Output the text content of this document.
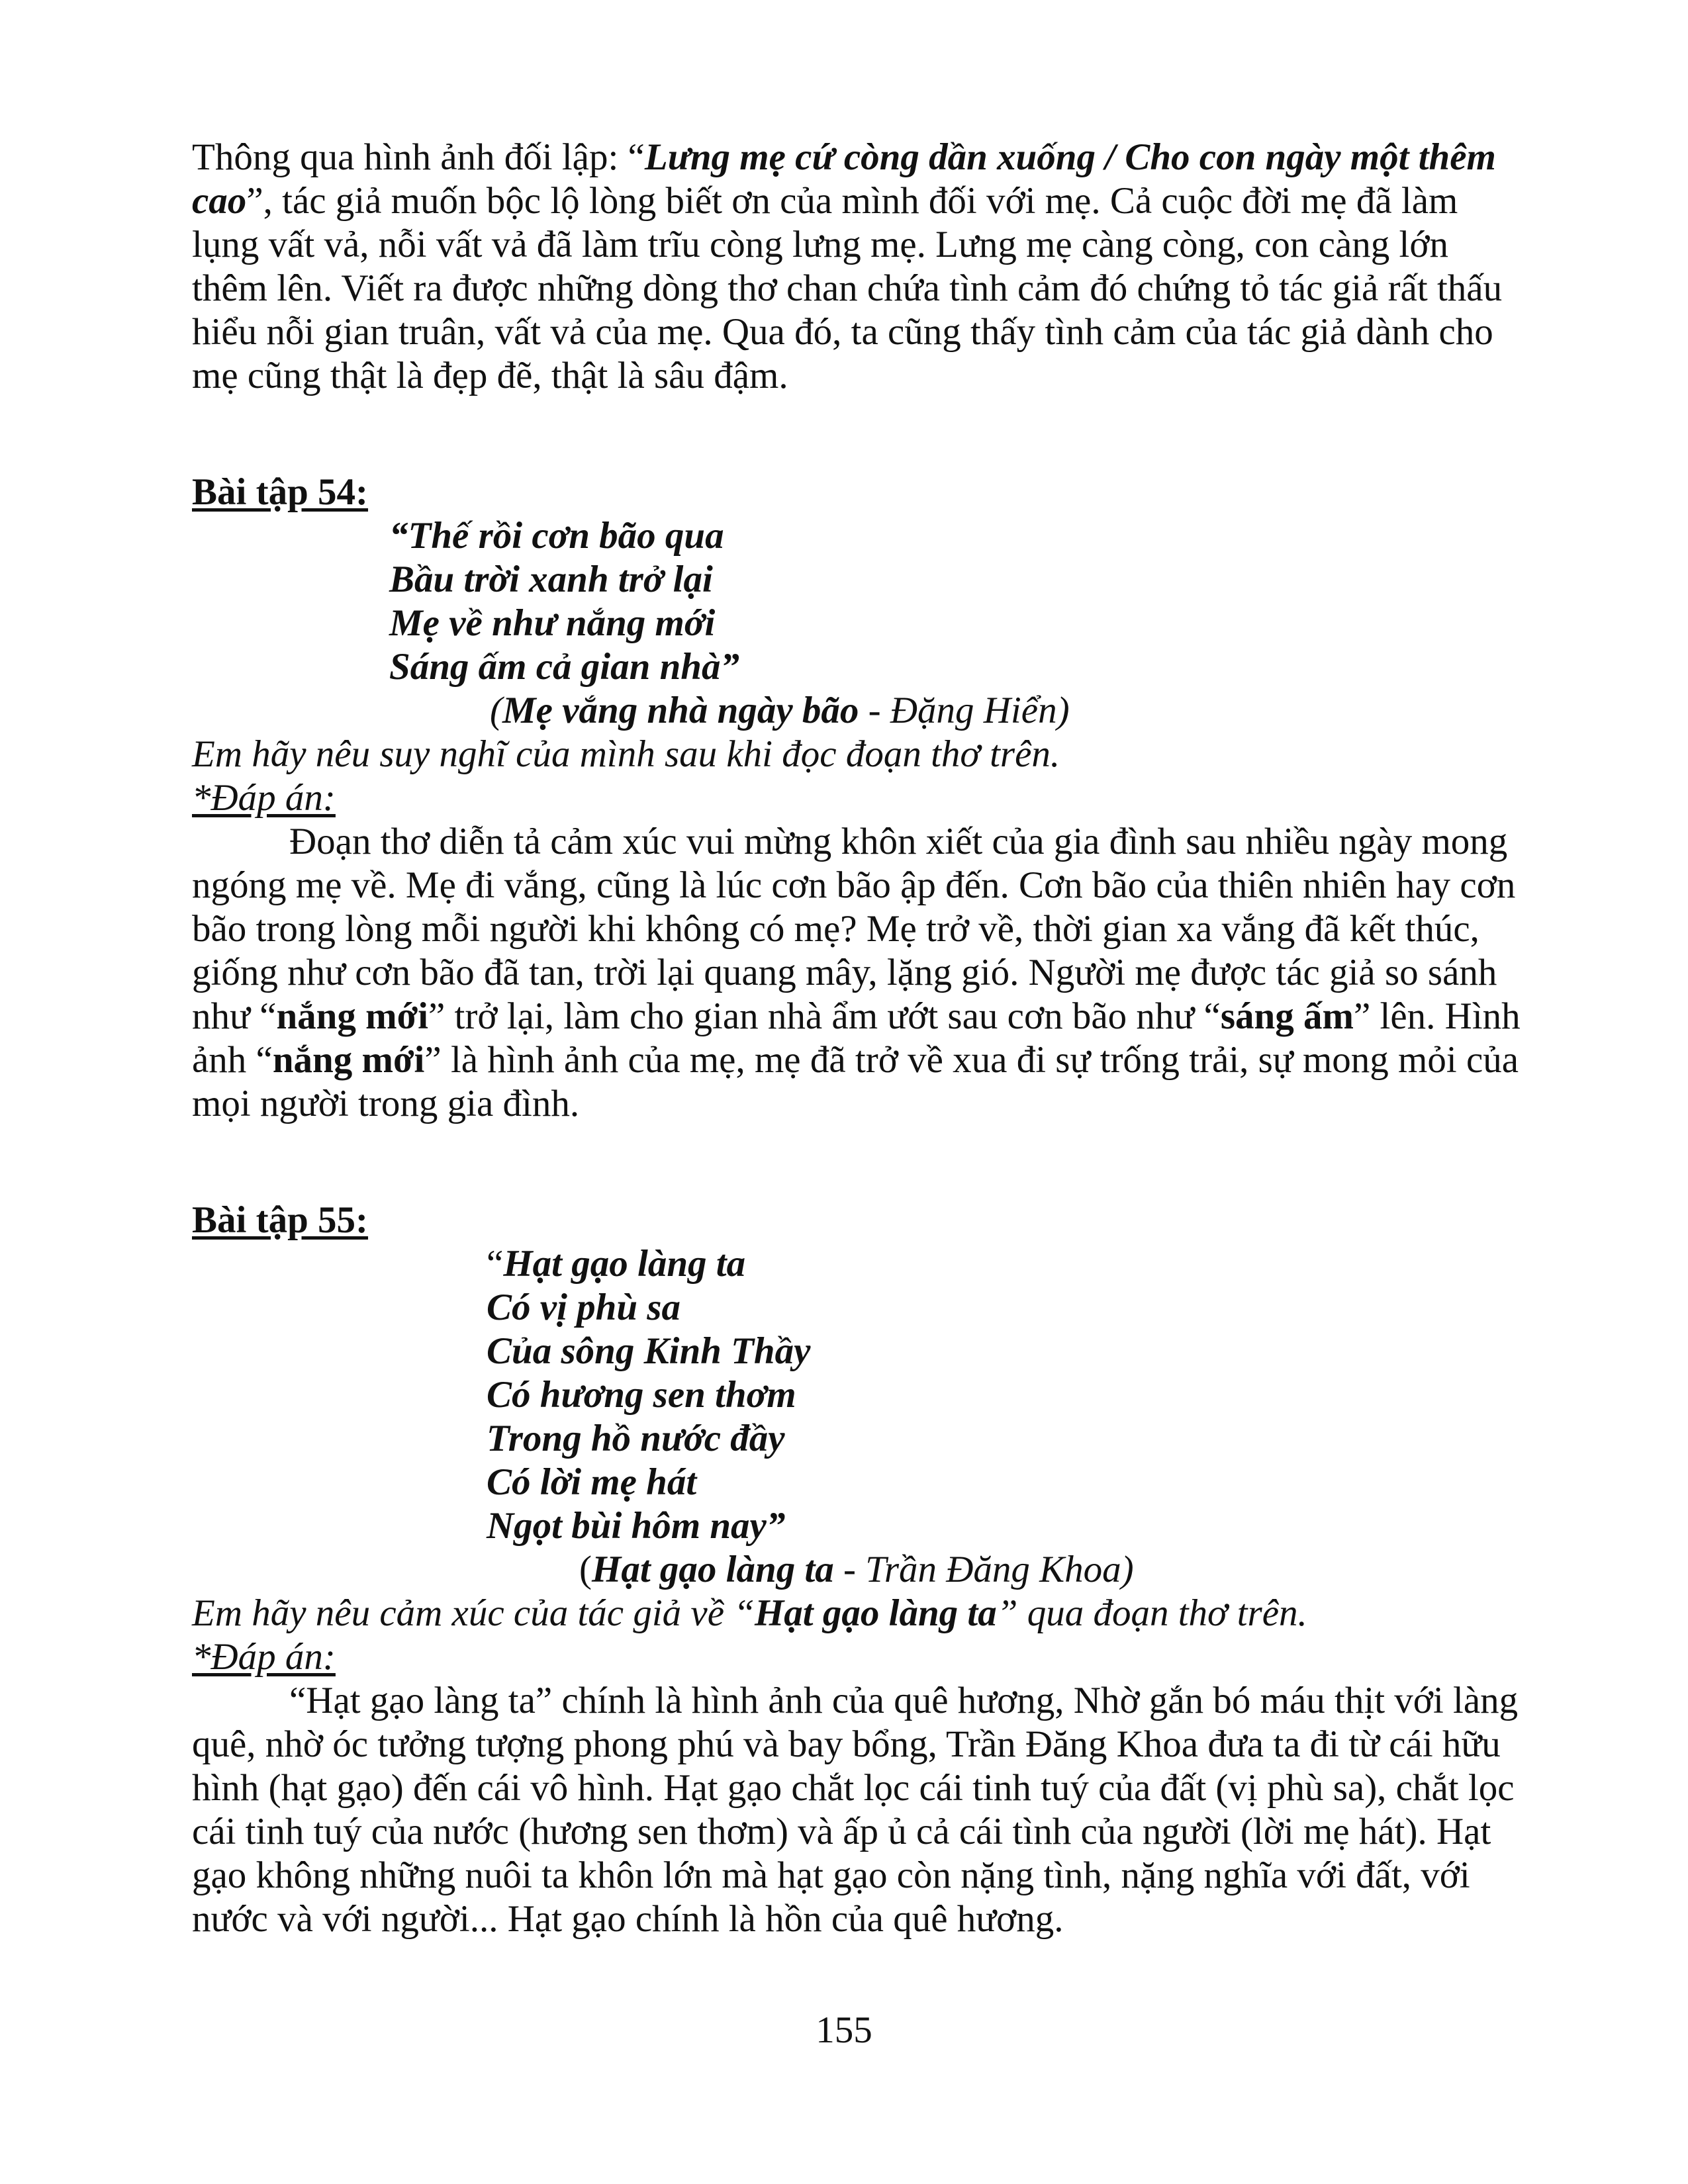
Thông qua hình ảnh đối lập: “Lưng mẹ cứ còng dần xuống / Cho con ngày một thêm cao”, tác giả muốn bộc lộ lòng biết ơn của mình đối với mẹ. Cả cuộc đời mẹ đã làm lụng vất vả, nỗi vất vả đã làm trĩu còng lưng mẹ. Lưng mẹ càng còng, con càng lớn thêm lên. Viết ra được những dòng thơ chan chứa tình cảm đó chứng tỏ tác giả rất thấu hiểu nỗi gian truân, vất vả của mẹ. Qua đó, ta cũng thấy tình cảm của tác giả dành cho mẹ cũng thật là đẹp đẽ, thật là sâu đậm.

Bài tập 54:

“Thế rồi cơn bão qua

Bầu trời xanh trở lại

Mẹ về như nắng mới

Sáng ấm cả gian nhà”

(Mẹ vắng nhà ngày bão - Đặng Hiển)

Em hãy nêu suy nghĩ của mình sau khi đọc đoạn thơ trên.

*Đáp án:

Đoạn thơ diễn tả cảm xúc vui mừng khôn xiết của gia đình sau nhiều ngày mong ngóng mẹ về. Mẹ đi vắng, cũng là lúc cơn bão ập đến. Cơn bão của thiên nhiên hay cơn bão trong lòng mỗi người khi không có mẹ? Mẹ trở về, thời gian xa vắng đã kết thúc, giống như cơn bão đã tan, trời lại quang mây, lặng gió. Người mẹ được tác giả so sánh như “nắng mới” trở lại, làm cho gian nhà ẩm ướt sau cơn bão như “sáng ấm” lên. Hình ảnh “nắng mới” là hình ảnh của mẹ, mẹ đã trở về xua đi sự trống trải, sự mong mỏi của mọi người trong gia đình.

Bài tập 55:

“Hạt gạo làng ta

Có vị phù sa

Của sông Kinh Thầy

Có hương sen thơm

Trong hồ nước đầy

Có lời mẹ hát

Ngọt bùi hôm nay”

(Hạt gạo làng ta - Trần Đăng Khoa)

Em hãy nêu cảm xúc của tác giả về “Hạt gạo làng ta” qua đoạn thơ trên.

*Đáp án:

“Hạt gạo làng ta” chính là hình ảnh của quê hương, Nhờ gắn bó máu thịt với làng quê, nhờ óc tưởng tượng phong phú và bay bổng, Trần Đăng Khoa đưa ta đi từ cái hữu hình (hạt gạo) đến cái vô hình. Hạt gạo chắt lọc cái tinh tuý của đất (vị phù sa), chắt lọc cái tinh tuý của nước (hương sen thơm) và ấp ủ cả cái tình của người (lời mẹ hát). Hạt gạo không những nuôi ta khôn lớn mà hạt gạo còn nặng tình, nặng nghĩa với đất, với nước và với người... Hạt gạo chính là hồn của quê hương.

155
